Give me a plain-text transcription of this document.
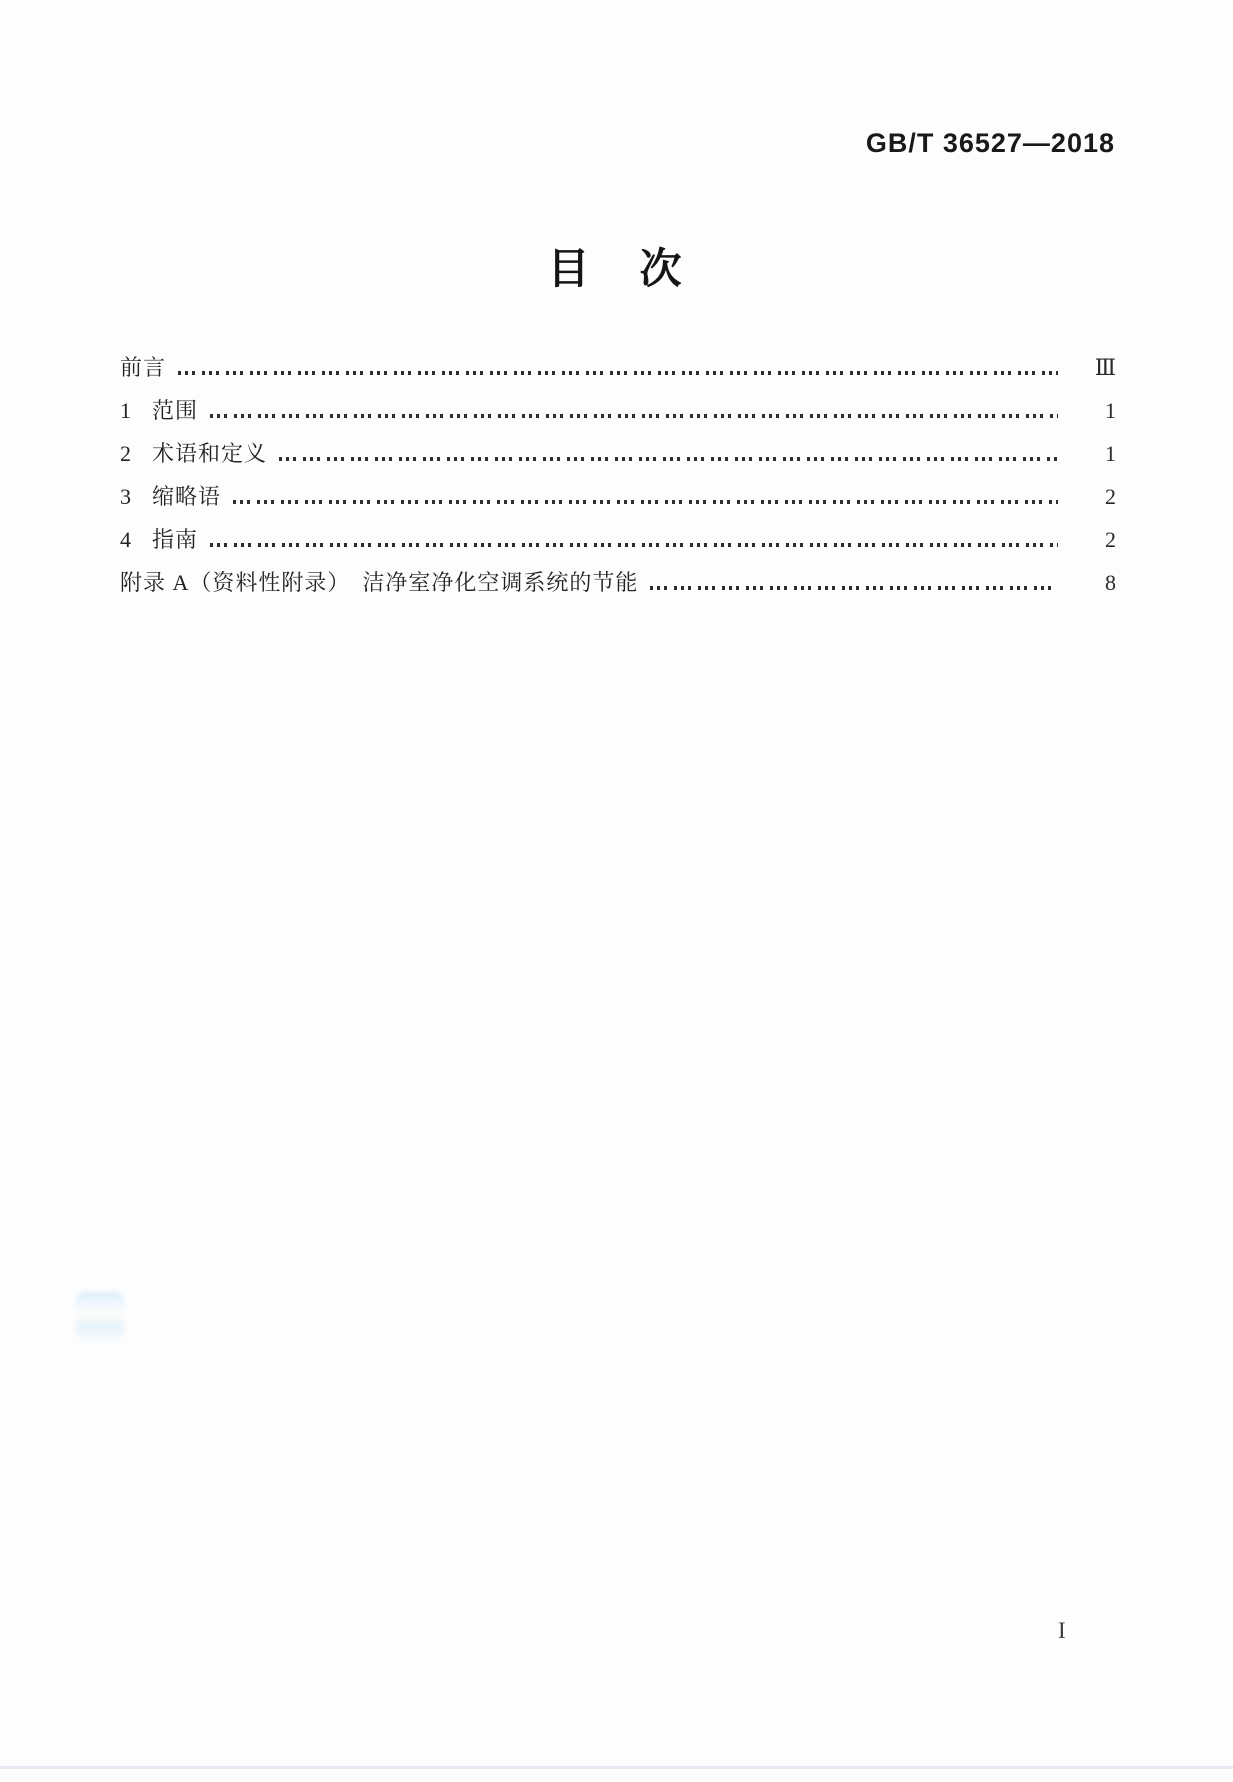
GB/T 36527—2018
目　次
前言	Ⅲ
1 范围	1
2 术语和定义	1
3 缩略语	2
4 指南	2
附录 A（资料性附录）　洁净室净化空调系统的节能	8
I
